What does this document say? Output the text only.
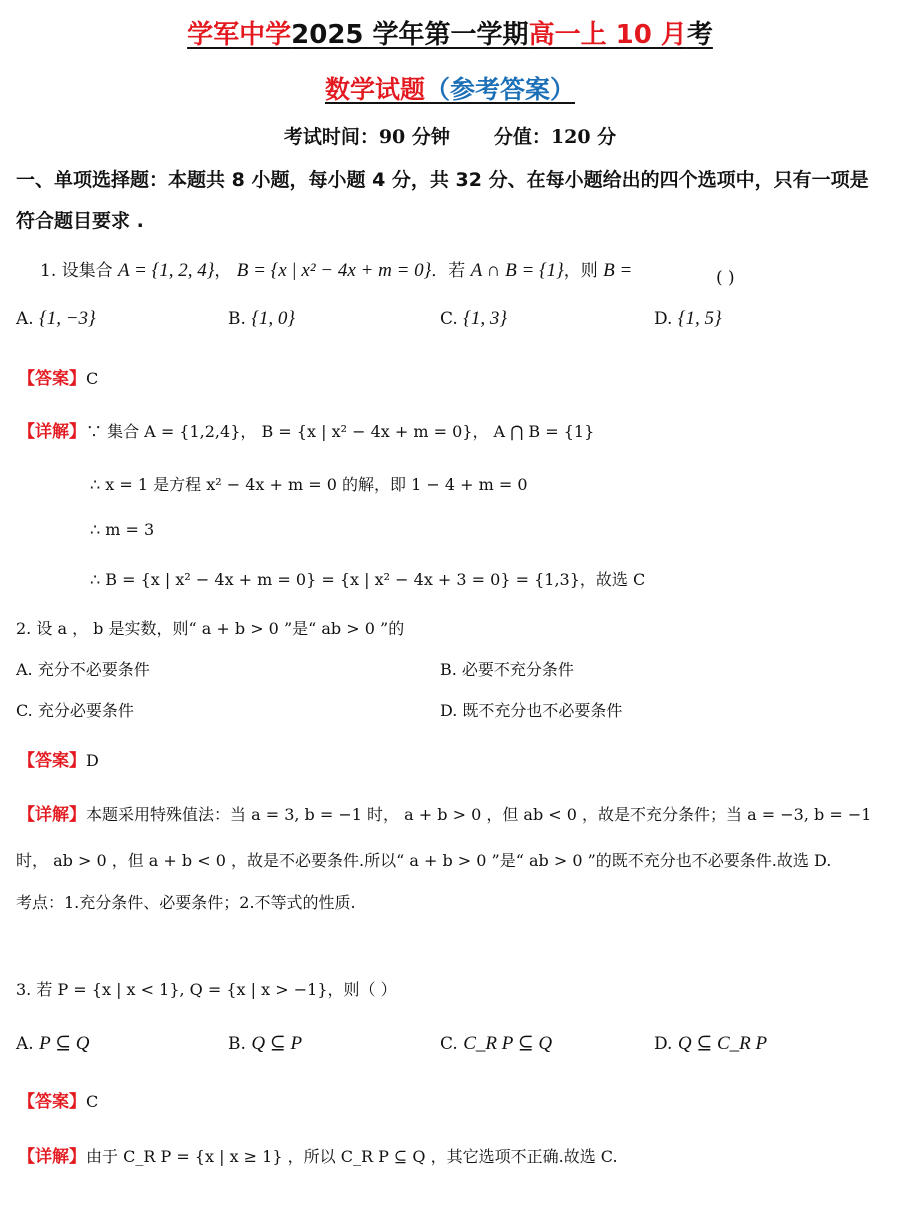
学军中学2025 学年第一学期高一上 10 月考
数学试题（参考答案）
考试时间：90 分钟 分值：120 分
一、单项选择题：本题共 8 小题，每小题 4 分，共 32 分、在每小题给出的四个选项中，只有一项是符合题目要求 .
1. 设集合 A = {1, 2, 4}， B = {x | x² − 4x + m = 0}．若 A ∩ B = {1}，则 B =	( )
A. {1, −3}	B. {1, 0}	C. {1, 3}	D. {1, 5}
【答案】C
【详解】∵ 集合 A = {1,2,4}， B = {x | x² − 4x + m = 0}， A ⋂ B = {1}
∴ x = 1 是方程 x² − 4x + m = 0 的解，即 1 − 4 + m = 0
∴ m = 3
∴ B = {x | x² − 4x + m = 0} = {x | x² − 4x + 3 = 0} = {1,3}，故选 C
2. 设 a ， b 是实数，则“ a + b > 0 ”是“ ab > 0 ”的
A. 充分不必要条件	B. 必要不充分条件
C. 充分必要条件	D. 既不充分也不必要条件
【答案】D
【详解】本题采用特殊值法：当 a = 3, b = −1 时， a + b > 0 ，但 ab < 0 ，故是不充分条件；当 a = −3, b = −1
时， ab > 0 ，但 a + b < 0 ，故是不必要条件.所以“ a + b > 0 ”是“ ab > 0 ”的既不充分也不必要条件.故选 D.
考点：1.充分条件、必要条件；2.不等式的性质.
3. 若 P = {x | x < 1}, Q = {x | x > −1}，则（ ）
A. P ⊆ Q	B. Q ⊆ P	C. C_R P ⊆ Q	D. Q ⊆ C_R P
【答案】C
【详解】由于 C_R P = {x | x ≥ 1} ，所以 C_R P ⊆ Q ，其它选项不正确.故选 C.
